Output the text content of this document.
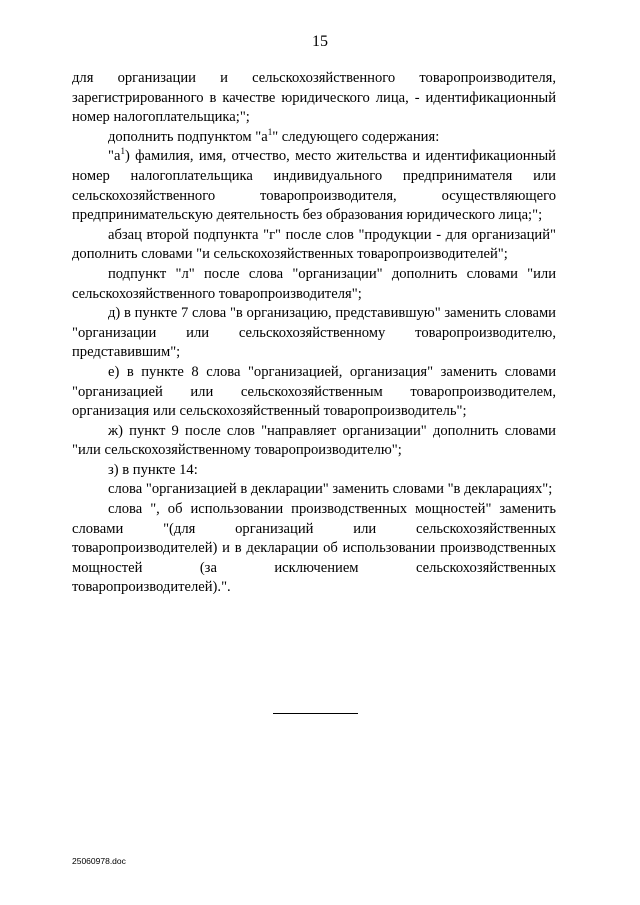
15

для организации и сельскохозяйственного товаропроизводителя, зарегистрированного в качестве юридического лица, - идентификационный номер налогоплательщика;";

дополнить подпунктом "$а^1$" следующего содержания:

"$а^1$) фамилия, имя, отчество, место жительства и идентификационный номер налогоплательщика индивидуального предпринимателя или сельскохозяйственного товаропроизводителя, осуществляющего предпринимательскую деятельность без образования юридического лица;";

абзац второй подпункта "г" после слов "продукции - для организаций" дополнить словами "и сельскохозяйственных товаропроизводителей";

подпункт "л" после слова "организации" дополнить словами "или сельскохозяйственного товаропроизводителя";

д) в пункте 7 слова "в организацию, представившую" заменить словами "организации или сельскохозяйственному товаропроизводителю, представившим";

е) в пункте 8 слова "организацией, организация" заменить словами "организацией или сельскохозяйственным товаропроизводителем, организация или сельскохозяйственный товаропроизводитель";

ж) пункт 9 после слов "направляет организации" дополнить словами "или сельскохозяйственному товаропроизводителю";

з) в пункте 14:

слова "организацией в декларации" заменить словами "в декларациях";

слова ", об использовании производственных мощностей" заменить словами "(для организаций или сельскохозяйственных товаропроизводителей) и в декларации об использовании производственных мощностей (за исключением сельскохозяйственных товаропроизводителей).".

25060978.doc
